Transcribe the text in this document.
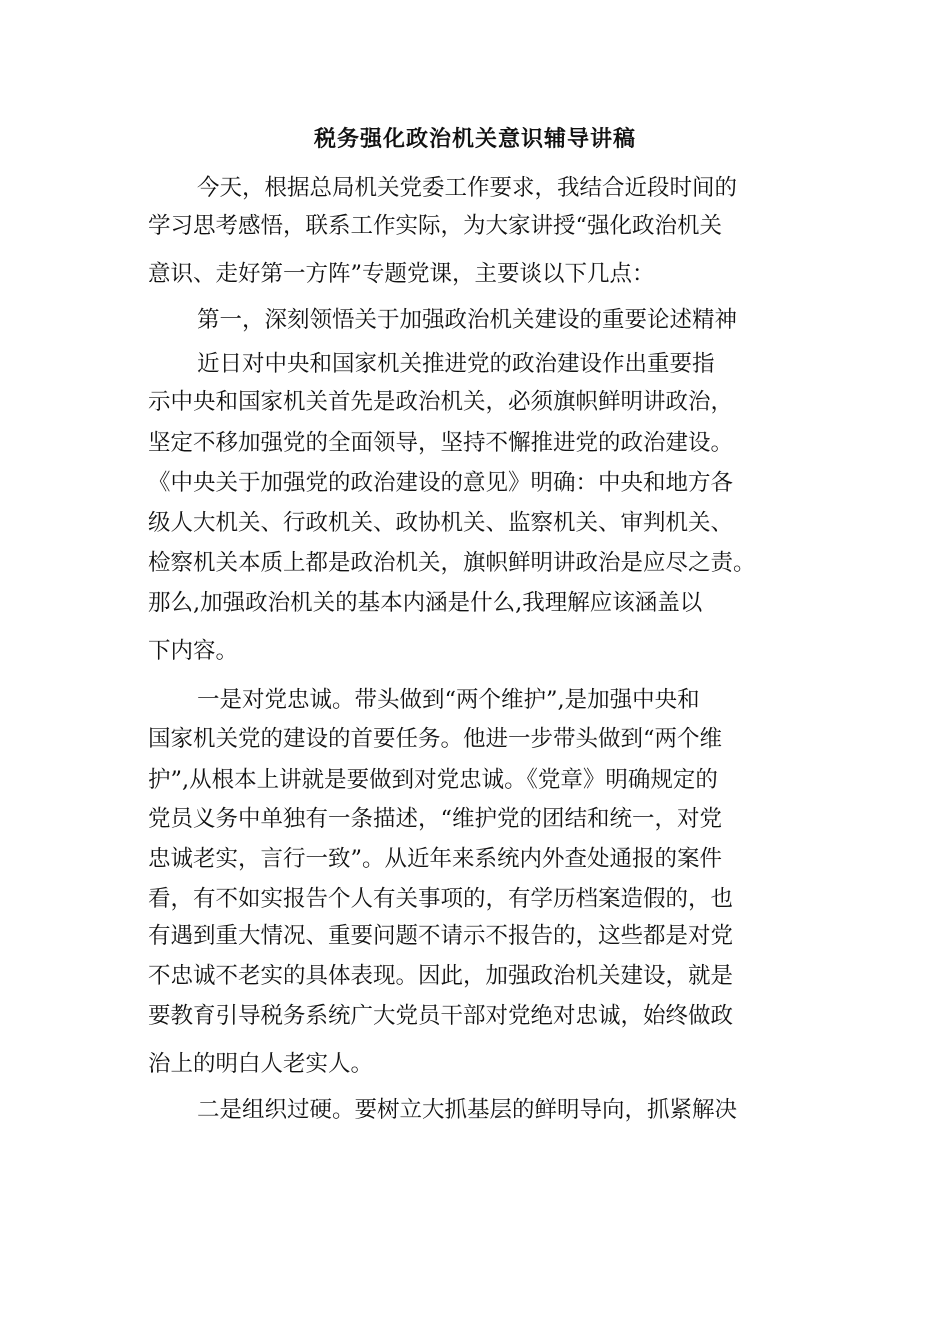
税务强化政治机关意识辅导讲稿

今天，根据总局机关党委工作要求，我结合近段时间的

学习思考感悟，联系工作实际，为大家讲授“强化政治机关

意识、走好第一方阵”专题党课，主要谈以下几点：

第一，深刻领悟关于加强政治机关建设的重要论述精神

近日对中央和国家机关推进党的政治建设作出重要指

示中央和国家机关首先是政治机关，必须旗帜鲜明讲政治，

坚定不移加强党的全面领导，坚持不懈推进党的政治建设。

《中央关于加强党的政治建设的意见》明确：中央和地方各

级人大机关、行政机关、政协机关、监察机关、审判机关、

检察机关本质上都是政治机关，旗帜鲜明讲政治是应尽之责。

那么,加强政治机关的基本内涵是什么,我理解应该涵盖以

下内容。

一是对党忠诚。带头做到“两个维护”,是加强中央和

国家机关党的建设的首要任务。他进一步带头做到“两个维

护”,从根本上讲就是要做到对党忠诚。《党章》明确规定的

党员义务中单独有一条描述，“维护党的团结和统一，对党

忠诚老实，言行一致”。从近年来系统内外查处通报的案件

看，有不如实报告个人有关事项的，有学历档案造假的，也

有遇到重大情况、重要问题不请示不报告的，这些都是对党

不忠诚不老实的具体表现。因此，加强政治机关建设，就是

要教育引导税务系统广大党员干部对党绝对忠诚，始终做政

治上的明白人老实人。

二是组织过硬。要树立大抓基层的鲜明导向，抓紧解决
